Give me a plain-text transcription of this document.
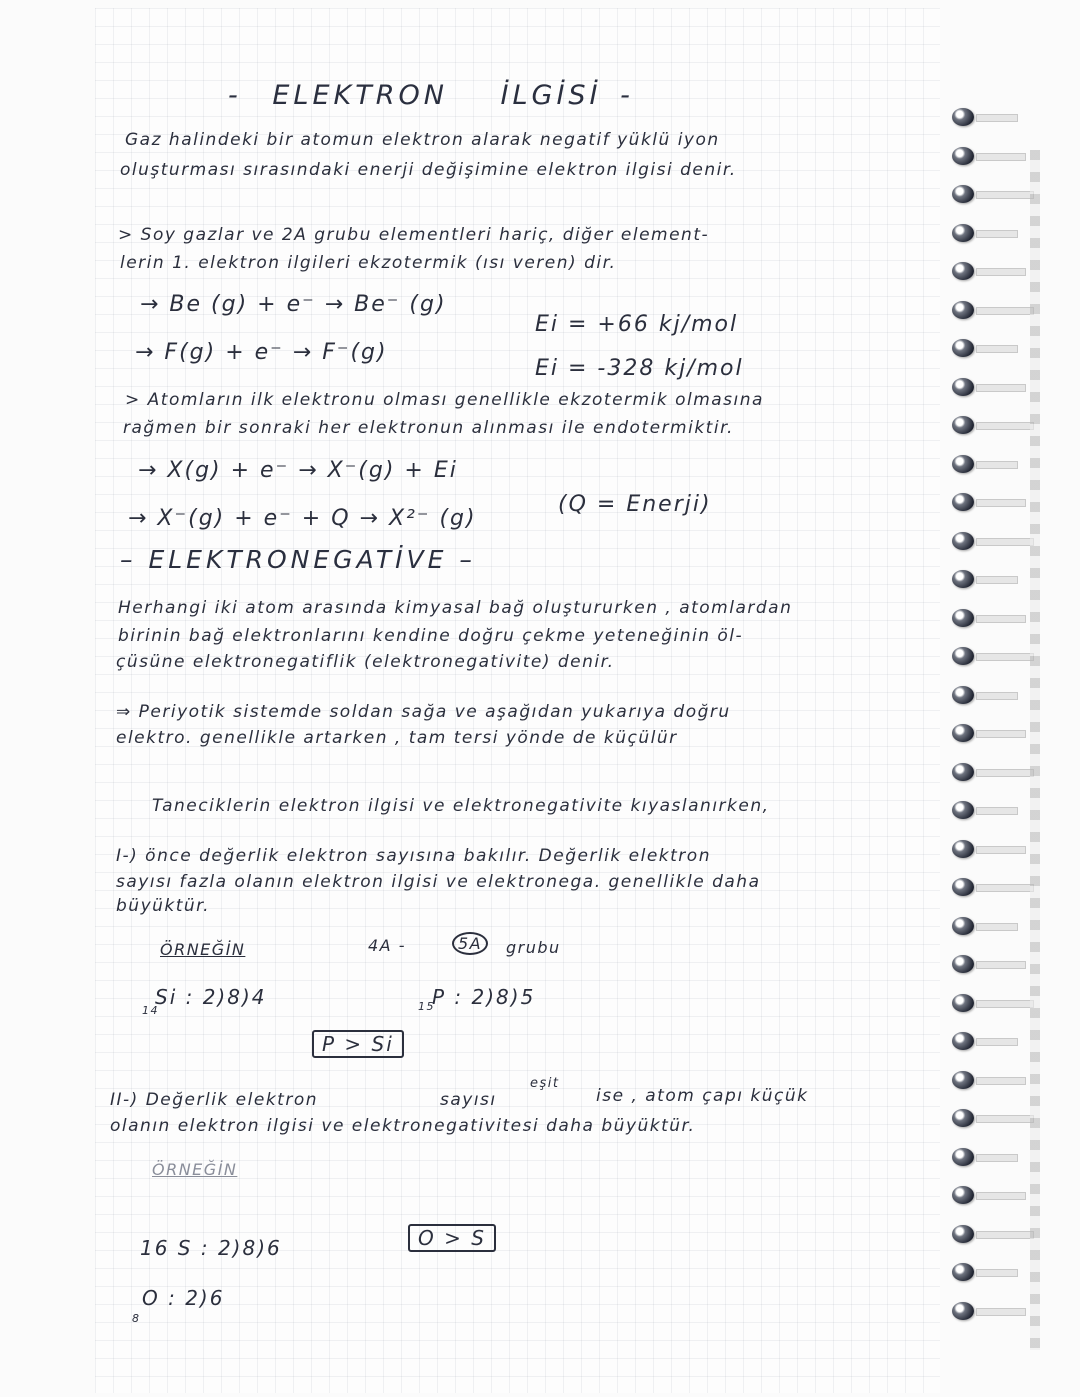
- ELEKTRON İLGİSİ -
Gaz halindeki bir atomun elektron alarak negatif yüklü iyon
oluşturması sırasındaki enerji değişimine elektron ilgisi denir.
> Soy gazlar ve 2A grubu elementleri hariç, diğer element-
lerin 1. elektron ilgileri ekzotermik (ısı veren) dir.
→ Be (g) + e⁻ → Be⁻ (g)
Ei = +66 kj/mol
→ F(g) + e⁻ → F⁻(g)
Ei = -328 kj/mol
> Atomların ilk elektronu olması genellikle ekzotermik olmasına
rağmen bir sonraki her elektronun alınması ile endotermiktir.
→ X(g) + e⁻ → X⁻(g) + Ei
→ X⁻(g) + e⁻ + Q → X²⁻ (g)
(Q = Enerji)
– ELEKTRONEGATİVE –
Herhangi iki atom arasında kimyasal bağ oluştururken , atomlardan
birinin bağ elektronlarını kendine doğru çekme yeteneğinin öl-
çüsüne elektronegatiflik (elektronegativite) denir.
⇒ Periyotik sistemde soldan sağa ve aşağıdan yukarıya doğru
elektro. genellikle artarken , tam tersi yönde de küçülür
Taneciklerin elektron ilgisi ve elektronegativite kıyaslanırken,
I-) önce değerlik elektron sayısına bakılır. Değerlik elektron
sayısı fazla olanın elektron ilgisi ve elektronega. genellikle daha
büyüktür.
ÖRNEĞİN	4A -	5A	grubu
14
Si : 2)8)4	15
P : 2)8)5
P > Si
II-) Değerlik elektron	sayısı
eşit
ise , atom çapı küçük
olanın elektron ilgisi ve elektronegativitesi daha büyüktür.
ÖRNEĞİN
16 S : 2)8)6
8
O : 2)6
O > S
